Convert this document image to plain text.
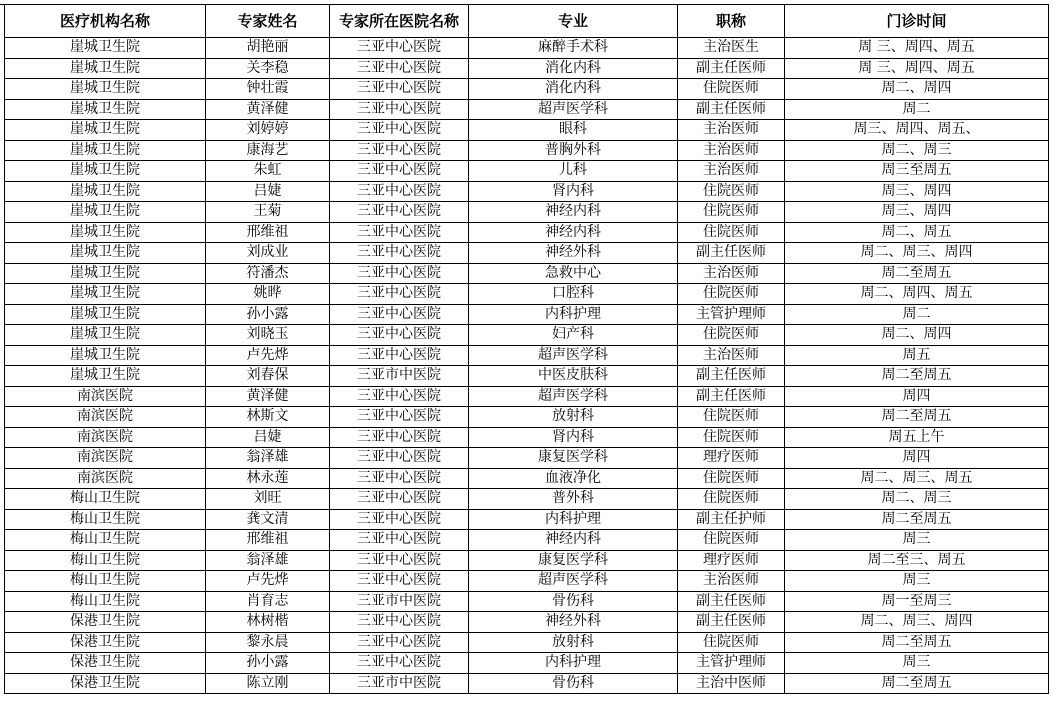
医疗机构名称	专家姓名	专家所在医院名称	专业	职称	门诊时间
崖城卫生院	胡艳丽	三亚中心医院	麻醉手术科	主治医生	周 三、周四、周五
崖城卫生院	关李稳	三亚中心医院	消化内科	副主任医师	周 三、周四、周五
崖城卫生院	钟壮霞	三亚中心医院	消化内科	住院医师	周二、周四
崖城卫生院	黄泽健	三亚中心医院	超声医学科	副主任医师	周二
崖城卫生院	刘婷婷	三亚中心医院	眼科	主治医师	周三、周四、周五、
崖城卫生院	康海艺	三亚中心医院	普胸外科	主治医师	周二、周三
崖城卫生院	朱虹	三亚中心医院	儿科	主治医师	周三至周五
崖城卫生院	吕婕	三亚中心医院	肾内科	住院医师	周三、周四
崖城卫生院	王菊	三亚中心医院	神经内科	住院医师	周三、周四
崖城卫生院	邢维祖	三亚中心医院	神经内科	住院医师	周二、周五
崖城卫生院	刘成业	三亚中心医院	神经外科	副主任医师	周二、周三、周四
崖城卫生院	符潘杰	三亚中心医院	急救中心	主治医师	周二至周五
崖城卫生院	姚晔	三亚中心医院	口腔科	住院医师	周二、周四、周五
崖城卫生院	孙小露	三亚中心医院	内科护理	主管护理师	周二
崖城卫生院	刘晓玉	三亚中心医院	妇产科	住院医师	周二、周四
崖城卫生院	卢先烨	三亚中心医院	超声医学科	主治医师	周五
崖城卫生院	刘春保	三亚市中医院	中医皮肤科	副主任医师	周二至周五
南滨医院	黄泽健	三亚中心医院	超声医学科	副主任医师	周四
南滨医院	林斯文	三亚中心医院	放射科	住院医师	周二至周五
南滨医院	吕婕	三亚中心医院	肾内科	住院医师	周五上午
南滨医院	翁泽雄	三亚中心医院	康复医学科	理疗医师	周四
南滨医院	林永莲	三亚中心医院	血液净化	住院医师	周二、周三、周五
梅山卫生院	刘旺	三亚中心医院	普外科	住院医师	周二、周三
梅山卫生院	龚文清	三亚中心医院	内科护理	副主任护师	周二至周五
梅山卫生院	邢维祖	三亚中心医院	神经内科	住院医师	周三
梅山卫生院	翁泽雄	三亚中心医院	康复医学科	理疗医师	周二至三、周五
梅山卫生院	卢先烨	三亚中心医院	超声医学科	主治医师	周三
梅山卫生院	肖育志	三亚市中医院	骨伤科	副主任医师	周一至周三
保港卫生院	林树楷	三亚中心医院	神经外科	副主任医师	周二、周三、周四
保港卫生院	黎永晨	三亚中心医院	放射科	住院医师	周二至周五
保港卫生院	孙小露	三亚中心医院	内科护理	主管护理师	周三
保港卫生院	陈立刚	三亚市中医院	骨伤科	主治中医师	周二至周五
